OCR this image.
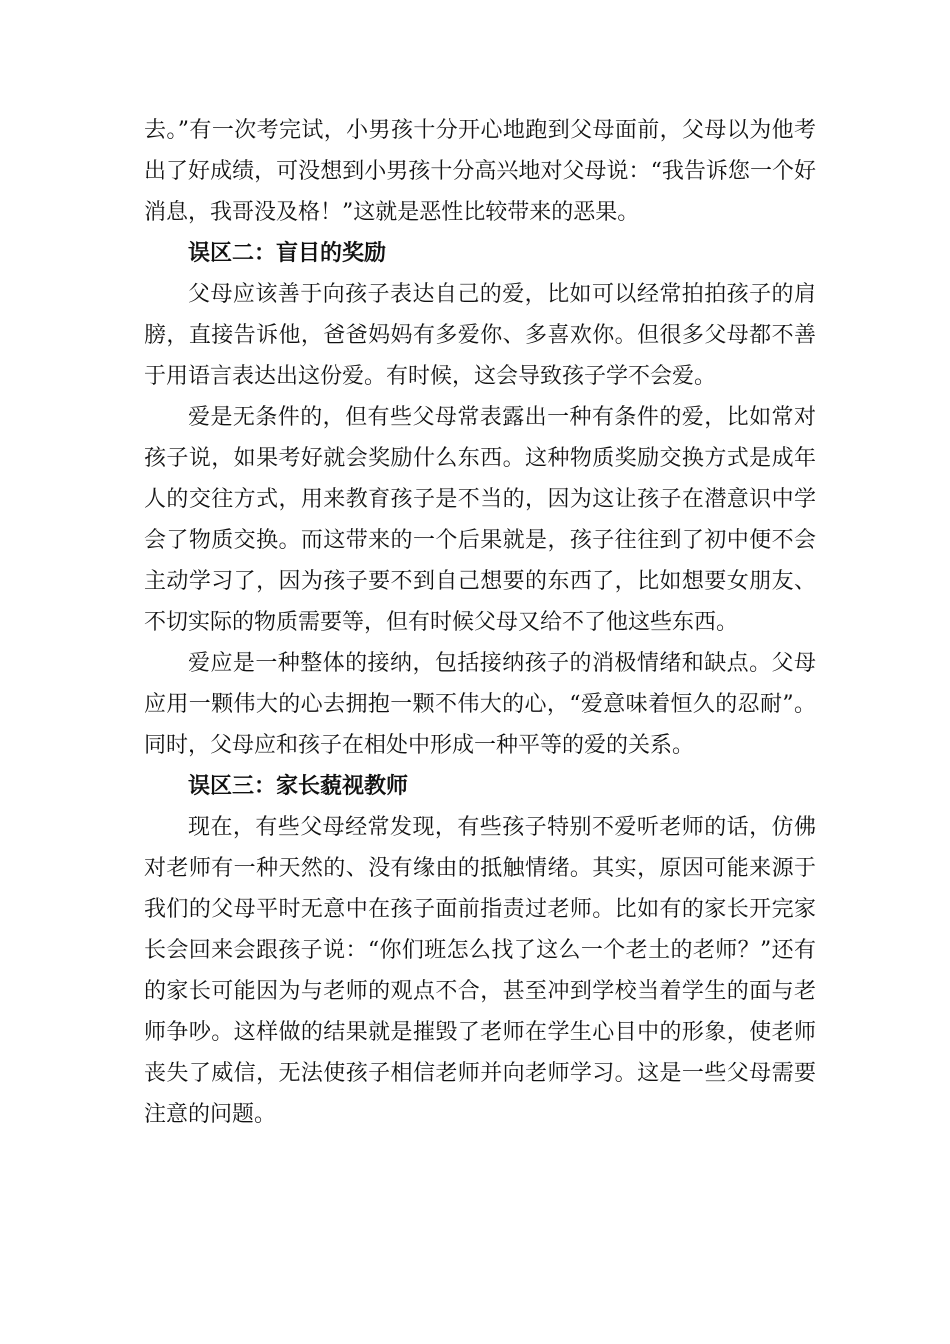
去。”有一次考完试，小男孩十分开心地跑到父母面前，父母以为他考出了好成绩，可没想到小男孩十分高兴地对父母说：“我告诉您一个好消息，我哥没及格！”这就是恶性比较带来的恶果。

误区二：盲目的奖励

父母应该善于向孩子表达自己的爱，比如可以经常拍拍孩子的肩膀，直接告诉他，爸爸妈妈有多爱你、多喜欢你。但很多父母都不善于用语言表达出这份爱。有时候，这会导致孩子学不会爱。

爱是无条件的，但有些父母常表露出一种有条件的爱，比如常对孩子说，如果考好就会奖励什么东西。这种物质奖励交换方式是成年人的交往方式，用来教育孩子是不当的，因为这让孩子在潜意识中学会了物质交换。而这带来的一个后果就是，孩子往往到了初中便不会主动学习了，因为孩子要不到自己想要的东西了，比如想要女朋友、不切实际的物质需要等，但有时候父母又给不了他这些东西。

爱应是一种整体的接纳，包括接纳孩子的消极情绪和缺点。父母应用一颗伟大的心去拥抱一颗不伟大的心，“爱意味着恒久的忍耐”。同时，父母应和孩子在相处中形成一种平等的爱的关系。

误区三：家长藐视教师

现在，有些父母经常发现，有些孩子特别不爱听老师的话，仿佛对老师有一种天然的、没有缘由的抵触情绪。其实，原因可能来源于我们的父母平时无意中在孩子面前指责过老师。比如有的家长开完家长会回来会跟孩子说：“你们班怎么找了这么一个老土的老师？”还有的家长可能因为与老师的观点不合，甚至冲到学校当着学生的面与老师争吵。这样做的结果就是摧毁了老师在学生心目中的形象，使老师丧失了威信，无法使孩子相信老师并向老师学习。这是一些父母需要注意的问题。
